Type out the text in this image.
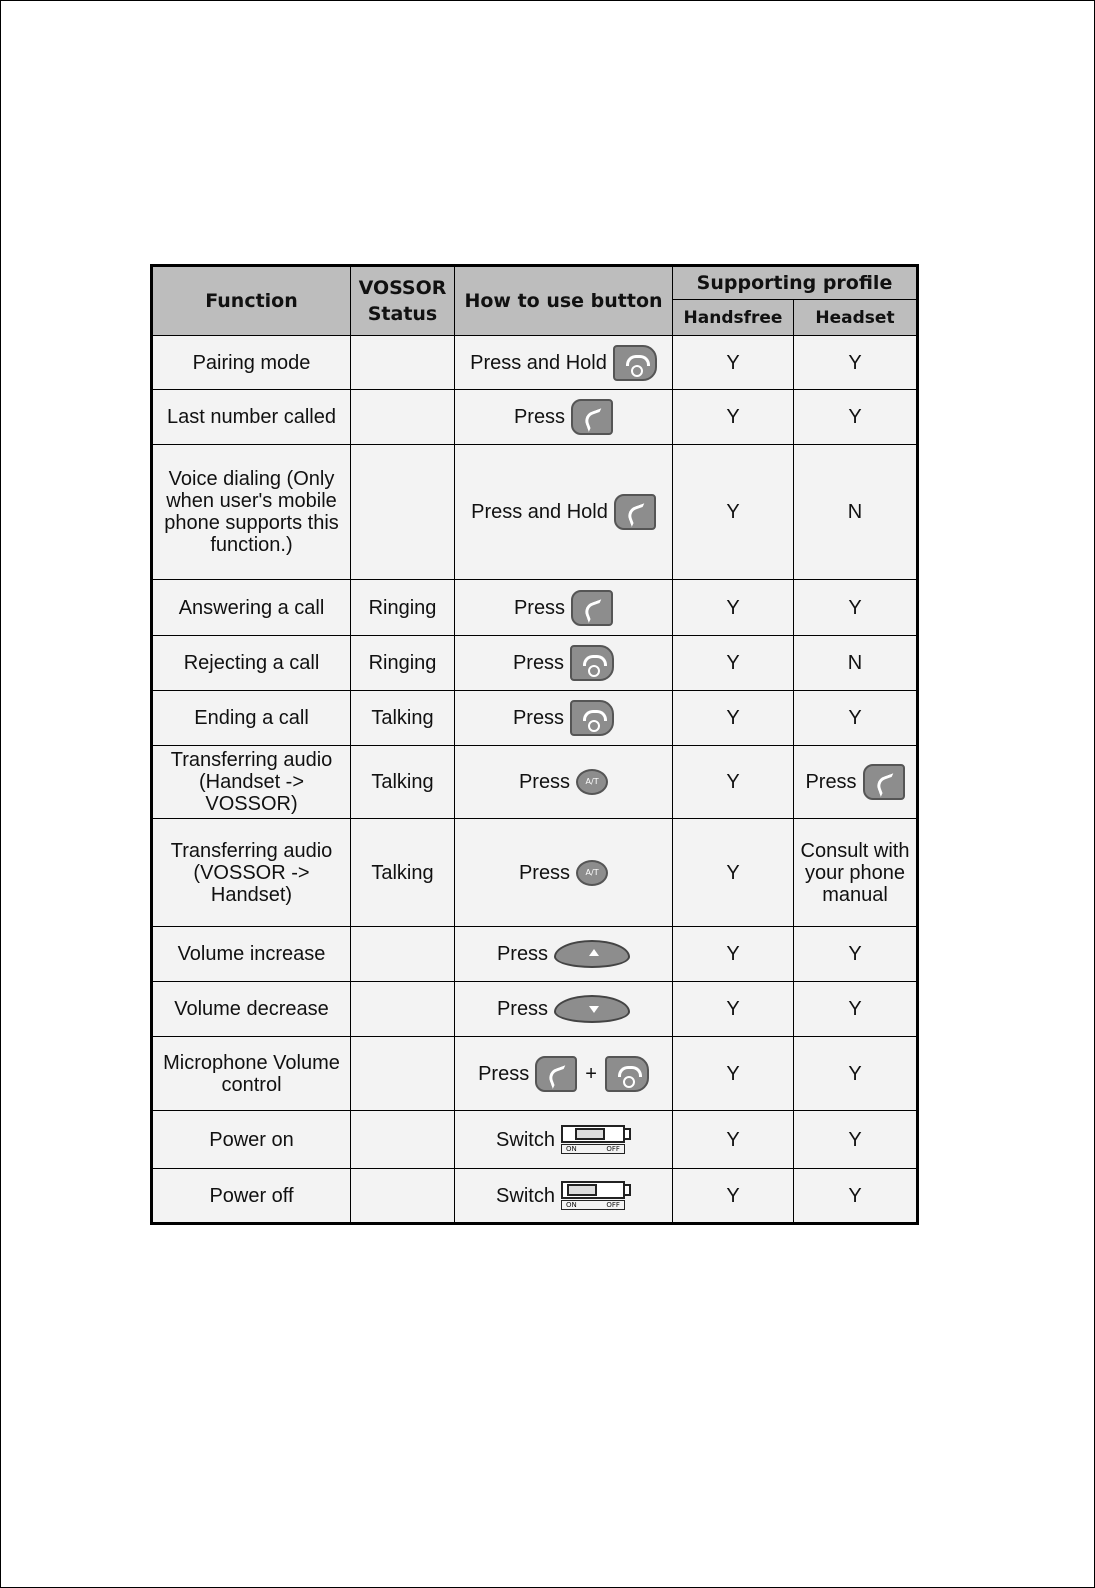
Function	VOSSOR Status	How to use button	Supporting profile	
			Handsfree	Headset
Pairing mode		Press and Hold	Y	Y
Last number called		Press	Y	Y
Voice dialing (Only when user's mobile phone supports this function.)		Press and Hold	Y	N
Answering a call	Ringing	Press	Y	Y
Rejecting a call	Ringing	Press	Y	N
Ending a call	Talking	Press	Y	Y
Transferring audio (Handset -> VOSSOR)	Talking	Press A/T	Y	Press

Transferring audio (VOSSOR -> Handset)	Talking	Press A/T	Y	Consult with your phone manual
Volume increase		Press	Y	Y
Volume decrease		Press	Y	Y
Microphone Volume control		Press +	Y	Y
Power on		Switch ON OFF	Y	Y
Power off		Switch ON OFF	Y	Y
